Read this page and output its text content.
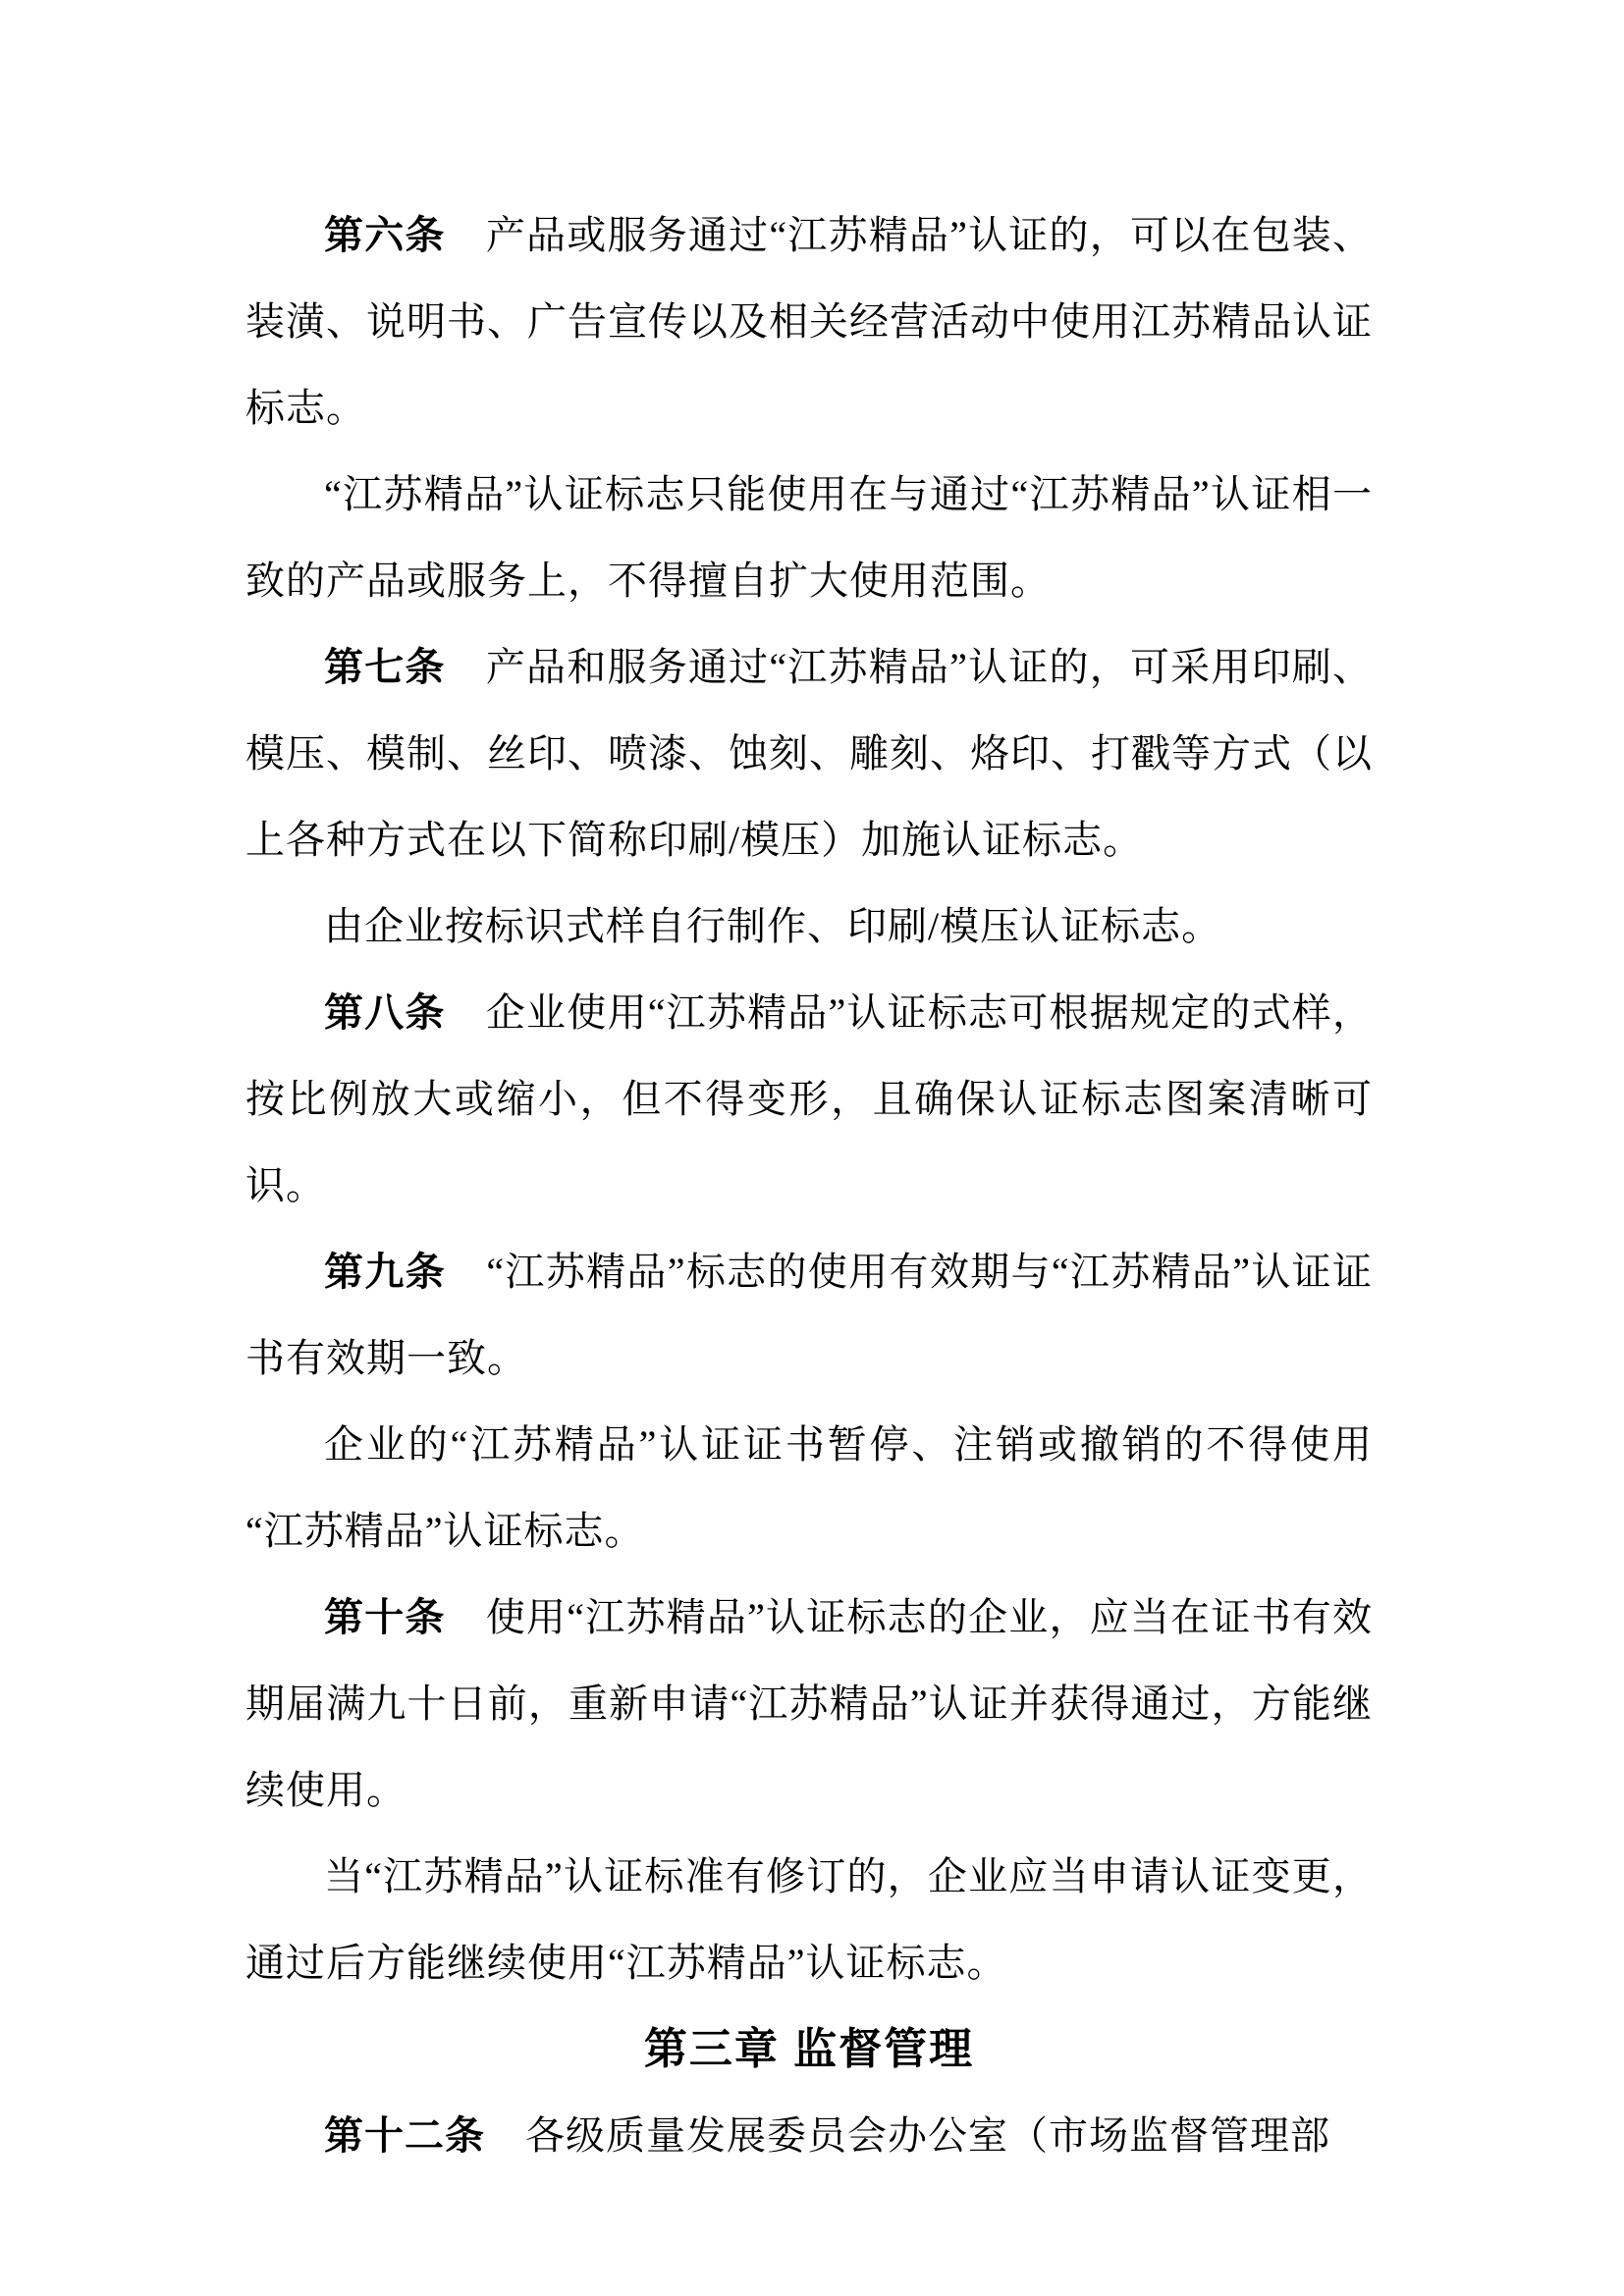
第六条　产品或服务通过“江苏精品”认证的，可以在包装、装潢、说明书、广告宣传以及相关经营活动中使用江苏精品认证标志。

“江苏精品”认证标志只能使用在与通过“江苏精品”认证相一致的产品或服务上，不得擅自扩大使用范围。

第七条　产品和服务通过“江苏精品”认证的，可采用印刷、模压、模制、丝印、喷漆、蚀刻、雕刻、烙印、打戳等方式（以上各种方式在以下简称印刷/模压）加施认证标志。

由企业按标识式样自行制作、印刷/模压认证标志。

第八条　企业使用“江苏精品”认证标志可根据规定的式样，按比例放大或缩小，但不得变形，且确保认证标志图案清晰可识。

第九条　“江苏精品”标志的使用有效期与“江苏精品”认证证书有效期一致。

企业的“江苏精品”认证证书暂停、注销或撤销的不得使用“江苏精品”认证标志。

第十条　使用“江苏精品”认证标志的企业，应当在证书有效期届满九十日前，重新申请“江苏精品”认证并获得通过，方能继续使用。

当“江苏精品”认证标准有修订的，企业应当申请认证变更，通过后方能继续使用“江苏精品”认证标志。

第三章 监督管理

第十二条　各级质量发展委员会办公室（市场监督管理部
